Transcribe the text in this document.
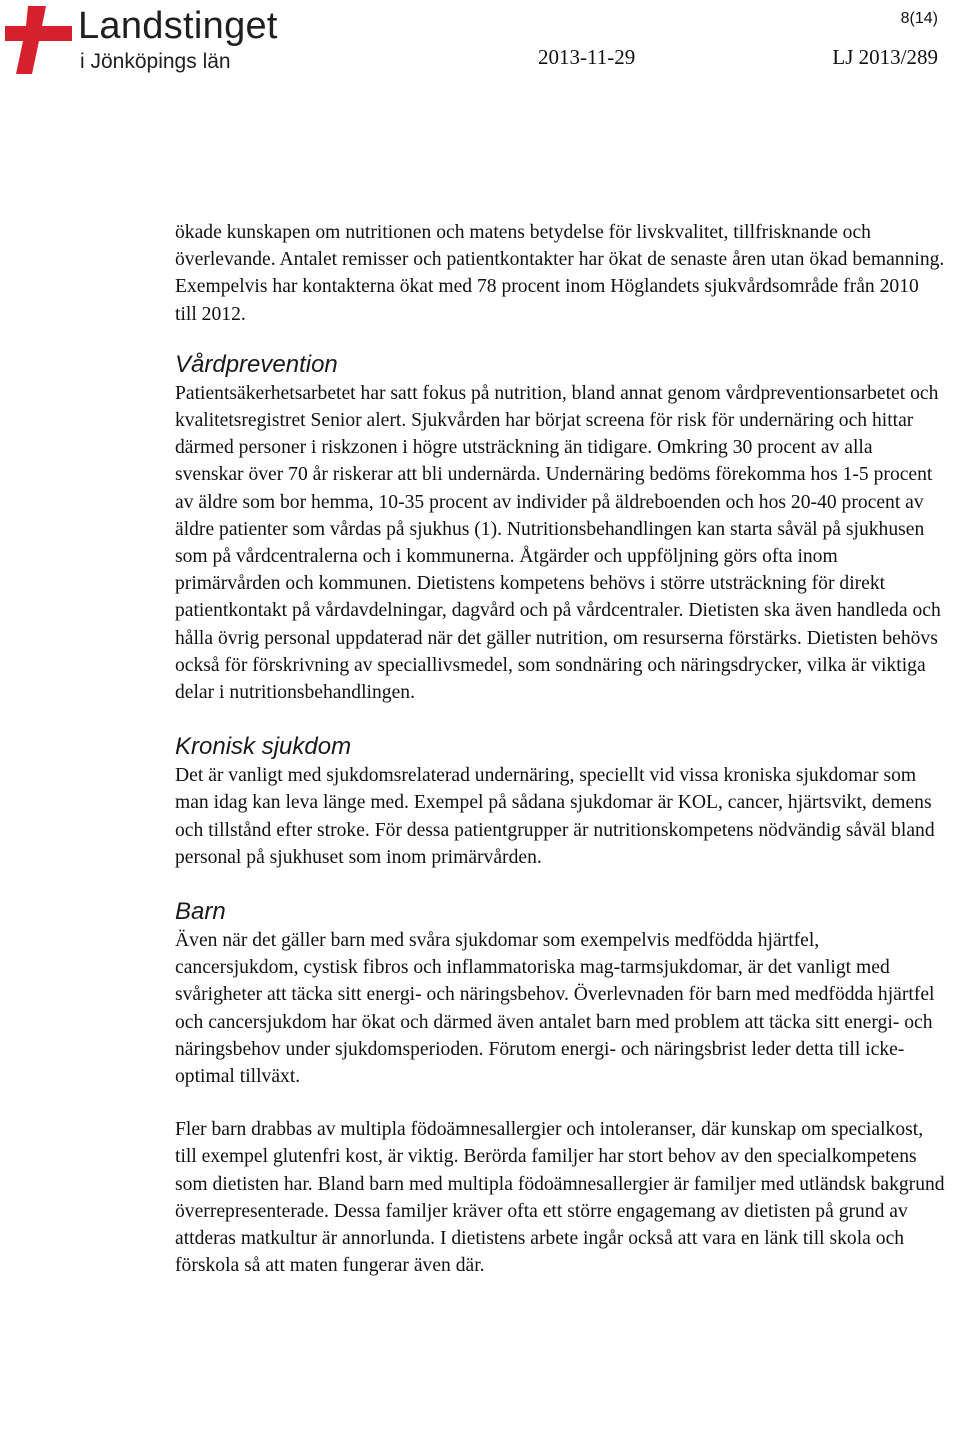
Landstinget
i Jönköpings län
8(14)
2013-11-29	LJ 2013/289

ökade kunskapen om nutritionen och matens betydelse för livskvalitet, tillfrisknande och överlevande. Antalet remisser och patientkontakter har ökat de senaste åren utan ökad bemanning. Exempelvis har kontakterna ökat med 78 procent inom Höglandets sjukvårdsområde från 2010 till 2012.

Vårdprevention

Patientsäkerhetsarbetet har satt fokus på nutrition, bland annat genom vårdpreventionsarbetet och kvalitetsregistret Senior alert. Sjukvården har börjat screena för risk för undernäring och hittar därmed personer i riskzonen i högre utsträckning än tidigare. Omkring 30 procent av alla svenskar över 70 år riskerar att bli undernärda. Undernäring bedöms förekomma hos 1-5 procent av äldre som bor hemma, 10-35 procent av individer på äldreboenden och hos 20-40 procent av äldre patienter som vårdas på sjukhus (1). Nutritionsbehandlingen kan starta såväl på sjukhusen som på vårdcentralerna och i kommunerna. Åtgärder och uppföljning görs ofta inom primärvården och kommunen. Dietistens kompetens behövs i större utsträckning för direkt patientkontakt på vårdavdelningar, dagvård och på vårdcentraler. Dietisten ska även handleda och hålla övrig personal uppdaterad när det gäller nutrition, om resurserna förstärks. Dietisten behövs också för förskrivning av speciallivsmedel, som sondnäring och näringsdrycker, vilka är viktiga delar i nutritionsbehandlingen.

Kronisk sjukdom

Det är vanligt med sjukdomsrelaterad undernäring, speciellt vid vissa kroniska sjukdomar som man idag kan leva länge med. Exempel på sådana sjukdomar är KOL, cancer, hjärtsvikt, demens och tillstånd efter stroke. För dessa patientgrupper är nutritionskompetens nödvändig såväl bland personal på sjukhuset som inom primärvården.

Barn

Även när det gäller barn med svåra sjukdomar som exempelvis medfödda hjärtfel, cancersjukdom, cystisk fibros och inflammatoriska mag-tarmsjukdomar, är det vanligt med svårigheter att täcka sitt energi- och näringsbehov. Överlevnaden för barn med medfödda hjärtfel och cancersjukdom har ökat och därmed även antalet barn med problem att täcka sitt energi- och näringsbehov under sjukdomsperioden. Förutom energi- och näringsbrist leder detta till icke-optimal tillväxt.

Fler barn drabbas av multipla födoämnesallergier och intoleranser, där kunskap om specialkost, till exempel glutenfri kost, är viktig. Berörda familjer har stort behov av den specialkompetens som dietisten har. Bland barn med multipla födoämnesallergier är familjer med utländsk bakgrund överrepresenterade. Dessa familjer kräver ofta ett större engagemang av dietisten på grund av attderas matkultur är annorlunda. I dietistens arbete ingår också att vara en länk till skola och förskola så att maten fungerar även där.
